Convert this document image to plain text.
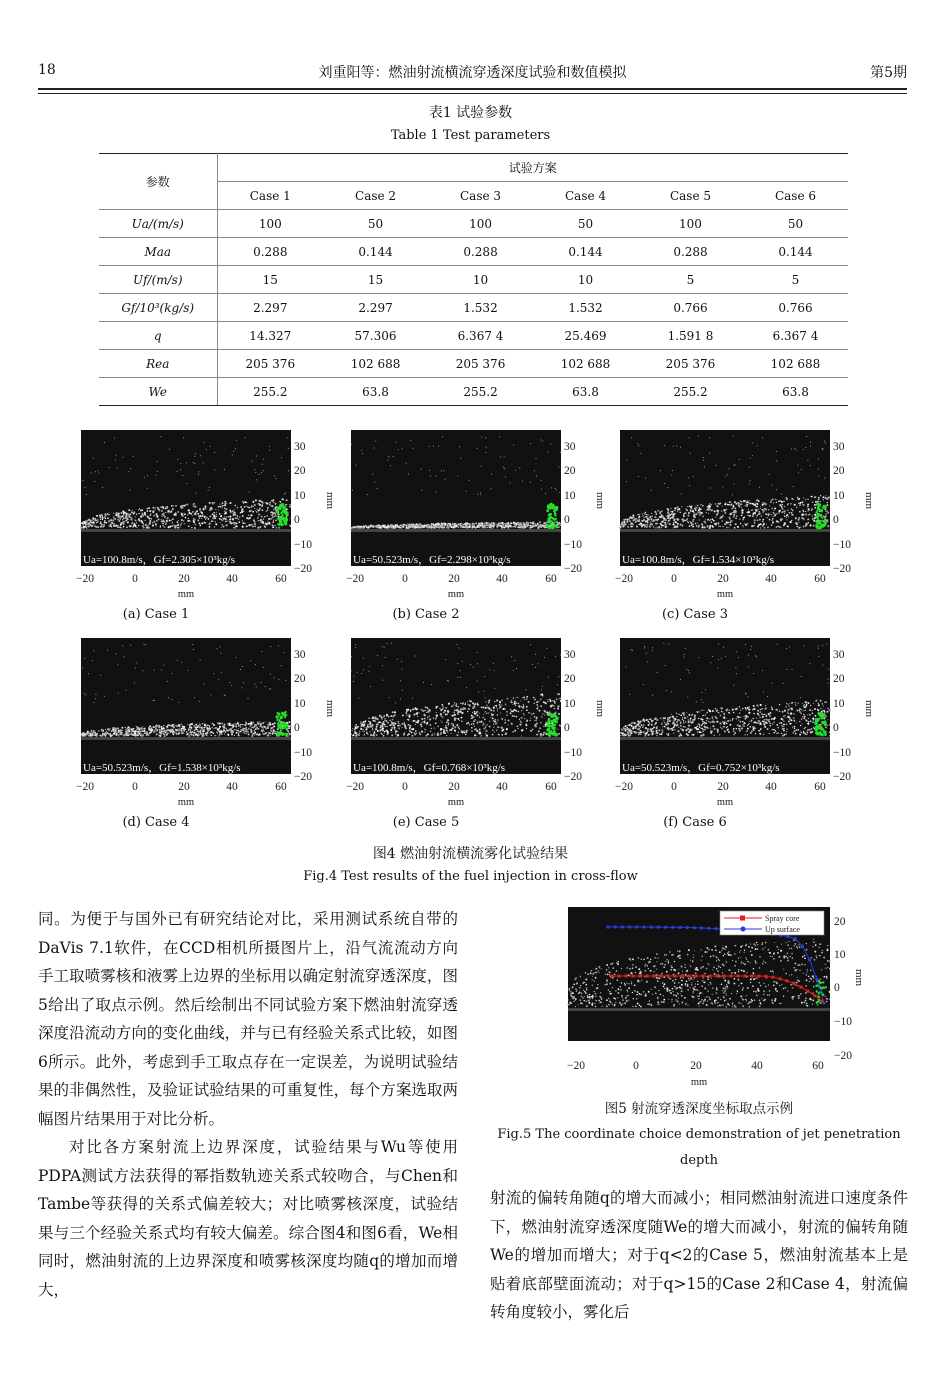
18	刘重阳等：燃油射流横流穿透深度试验和数值模拟	第5期
表1 试验参数
Table 1 Test parameters
参数	试验方案					
	Case 1	Case 2	Case 3	Case 4	Case 5	Case 6
Ua/(m/s)	100	50	100	50	100	50
Maa	0.288	0.144	0.288	0.144	0.288	0.144
Uf/(m/s)	15	15	10	10	5	5
Gf/10³(kg/s)	2.297	2.297	1.532	1.532	0.766	0.766
q	14.327	57.306	6.367 4	25.469	1.591 8	6.367 4
Rea	205 376	102 688	205 376	102 688	205 376	102 688
We	255.2	63.8	255.2	63.8	255.2	63.8
Ua=100.8m/s，Gf=2.305×10³kg/s
30
20
10
0
−10
−20
mm
−20	0	20	40	60
mm
(a) Case 1
Ua=50.523m/s，Gf=2.298×10³kg/s
30
20
10
0
−10
−20
mm
−20	0	20	40	60
mm
(b) Case 2
Ua=100.8m/s，Gf=1.534×10³kg/s
30
20
10
0
−10
−20
mm
−20	0	20	40	60
mm
(c) Case 3
Ua=50.523m/s，Gf=1.538×10³kg/s
30
20
10
0
−10
−20
mm
−20	0	20	40	60
mm
(d) Case 4
Ua=100.8m/s，Gf=0.768×10³kg/s
30
20
10
0
−10
−20
mm
−20	0	20	40	60
mm
(e) Case 5
Ua=50.523m/s，Gf=0.752×10³kg/s
30
20
10
0
−10
−20
mm
−20	0	20	40	60
mm
(f) Case 6
图4 燃油射流横流雾化试验结果
Fig.4 Test results of the fuel injection in cross-flow

同。为便于与国外已有研究结论对比，采用测试系统自带的DaVis 7.1软件，在CCD相机所摄图片上，沿气流流动方向手工取喷雾核和液雾上边界的坐标用以确定射流穿透深度，图5给出了取点示例。然后绘制出不同试验方案下燃油射流穿透深度沿流动方向的变化曲线，并与已有经验关系式比较，如图6所示。此外，考虑到手工取点存在一定误差，为说明试验结果的非偶然性，及验证试验结果的可重复性，每个方案选取两幅图片结果用于对比分析。

对比各方案射流上边界深度，试验结果与Wu等使用PDPA测试方法获得的幂指数轨迹关系式较吻合，与Chen和Tambe等获得的关系式偏差较大；对比喷雾核深度，试验结果与三个经验关系式均有较大偏差。综合图4和图6看，We相同时，燃油射流的上边界深度和喷雾核深度均随q的增加而增大，

Spray core
Up surface
20
10
0
−10
−20
mm
−20	0	20	40	60
mm
图5 射流穿透深度坐标取点示例
Fig.5 The coordinate choice demonstration of jet penetration depth

射流的偏转角随q的增大而减小；相同燃油射流进口速度条件下，燃油射流穿透深度随We的增大而减小，射流的偏转角随We的增加而增大；对于q<2的Case 5，燃油射流基本上是贴着底部壁面流动；对于q>15的Case 2和Case 4，射流偏转角度较小，雾化后
